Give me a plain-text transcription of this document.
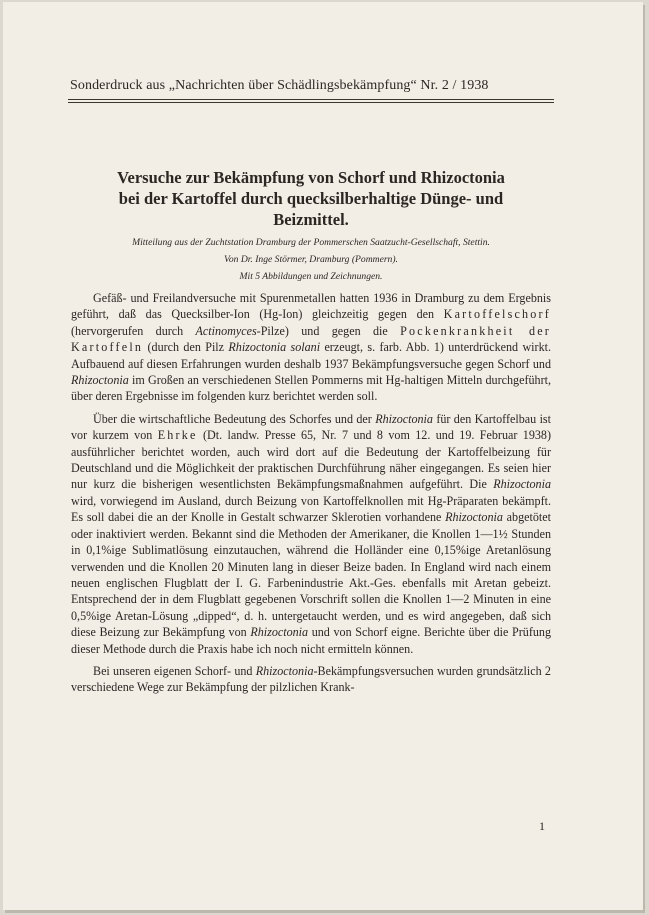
Sonderdruck aus „Nachrichten über Schädlingsbekämpfung“ Nr. 2 / 1938
Versuche zur Bekämpfung von Schorf und Rhizoctonia
bei der Kartoffel durch quecksilberhaltige Dünge- und
Beizmittel.
Mitteilung aus der Zuchtstation Dramburg der Pommerschen Saatzucht-Gesellschaft, Stettin.
Von Dr. Inge Störmer, Dramburg (Pommern).
Mit 5 Abbildungen und Zeichnungen.

Gefäß- und Freilandversuche mit Spurenmetallen hatten 1936 in Dramburg zu dem Ergebnis geführt, daß das Quecksilber-Ion (Hg-Ion) gleichzeitig gegen den Kartoffelschorf (hervorgerufen durch Actinomyces-Pilze) und gegen die Pockenkrankheit der Kartoffeln (durch den Pilz Rhizoctonia solani erzeugt, s. farb. Abb. 1) unterdrückend wirkt. Aufbauend auf diesen Erfahrungen wurden deshalb 1937 Bekämpfungsversuche gegen Schorf und Rhizoctonia im Großen an verschiedenen Stellen Pommerns mit Hg-haltigen Mitteln durchgeführt, über deren Ergebnisse im folgenden kurz berichtet werden soll.

Über die wirtschaftliche Bedeutung des Schorfes und der Rhizoctonia für den Kartoffelbau ist vor kurzem von Ehrke (Dt. landw. Presse 65, Nr. 7 und 8 vom 12. und 19. Februar 1938) ausführlicher berichtet worden, auch wird dort auf die Bedeutung der Kartoffelbeizung für Deutschland und die Möglichkeit der praktischen Durchführung näher eingegangen. Es seien hier nur kurz die bisherigen wesentlichsten Bekämpfungsmaßnahmen aufgeführt. Die Rhizoctonia wird, vorwiegend im Ausland, durch Beizung von Kartoffelknollen mit Hg-Präparaten bekämpft. Es soll dabei die an der Knolle in Gestalt schwarzer Sklerotien vorhandene Rhizoctonia abgetötet oder inaktiviert werden. Bekannt sind die Methoden der Amerikaner, die Knollen 1—1½ Stunden in 0,1%ige Sublimatlösung einzutauchen, während die Holländer eine 0,15%ige Aretanlösung verwenden und die Knollen 20 Minuten lang in dieser Beize baden. In England wird nach einem neuen englischen Flugblatt der I. G. Farbenindustrie Akt.-Ges. ebenfalls mit Aretan gebeizt. Entsprechend der in dem Flugblatt gegebenen Vorschrift sollen die Knollen 1—2 Minuten in eine 0,5%ige Aretan-Lösung „dipped“, d. h. untergetaucht werden, und es wird angegeben, daß sich diese Beizung zur Bekämpfung von Rhizoctonia und von Schorf eigne. Berichte über die Prüfung dieser Methode durch die Praxis habe ich noch nicht ermitteln können.

Bei unseren eigenen Schorf- und Rhizoctonia-Bekämpfungsversuchen wurden grundsätzlich 2 verschiedene Wege zur Bekämpfung der pilzlichen Krank-

1
